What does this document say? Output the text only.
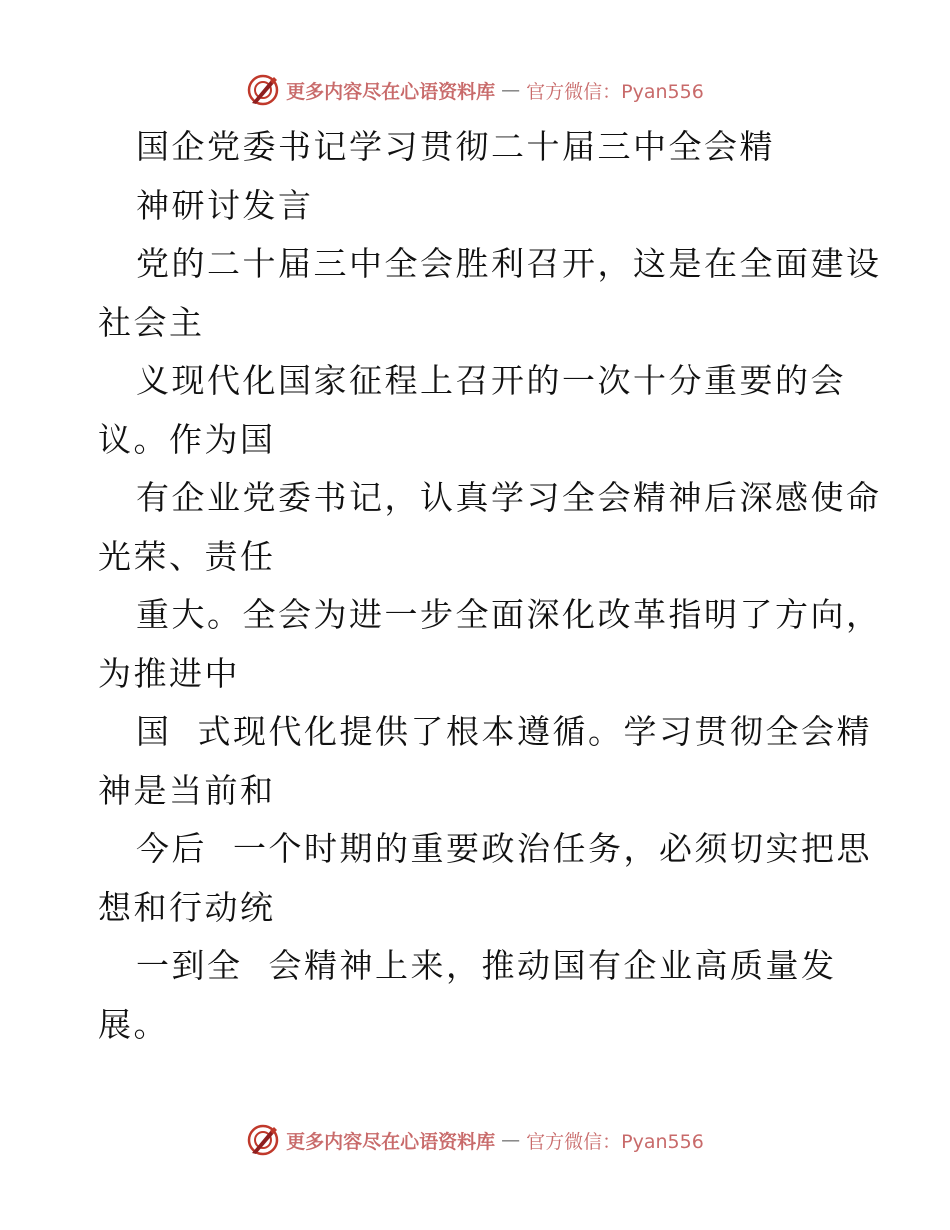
更多内容尽在心语资料库 — 官方微信：Pyan556
国企党委书记学习贯彻二十届三中全会精
神研讨发言
党的二十届三中全会胜利召开，这是在全面建设
社会主
义现代化国家征程上召开的一次十分重要的会
议。作为国
有企业党委书记，认真学习全会精神后深感使命
光荣、责任
重大。全会为进一步全面深化改革指明了方向，
为推进中
国  式现代化提供了根本遵循。学习贯彻全会精
神是当前和
今后  一个时期的重要政治任务，必须切实把思
想和行动统
一到全  会精神上来，推动国有企业高质量发
展。
更多内容尽在心语资料库 — 官方微信：Pyan556
